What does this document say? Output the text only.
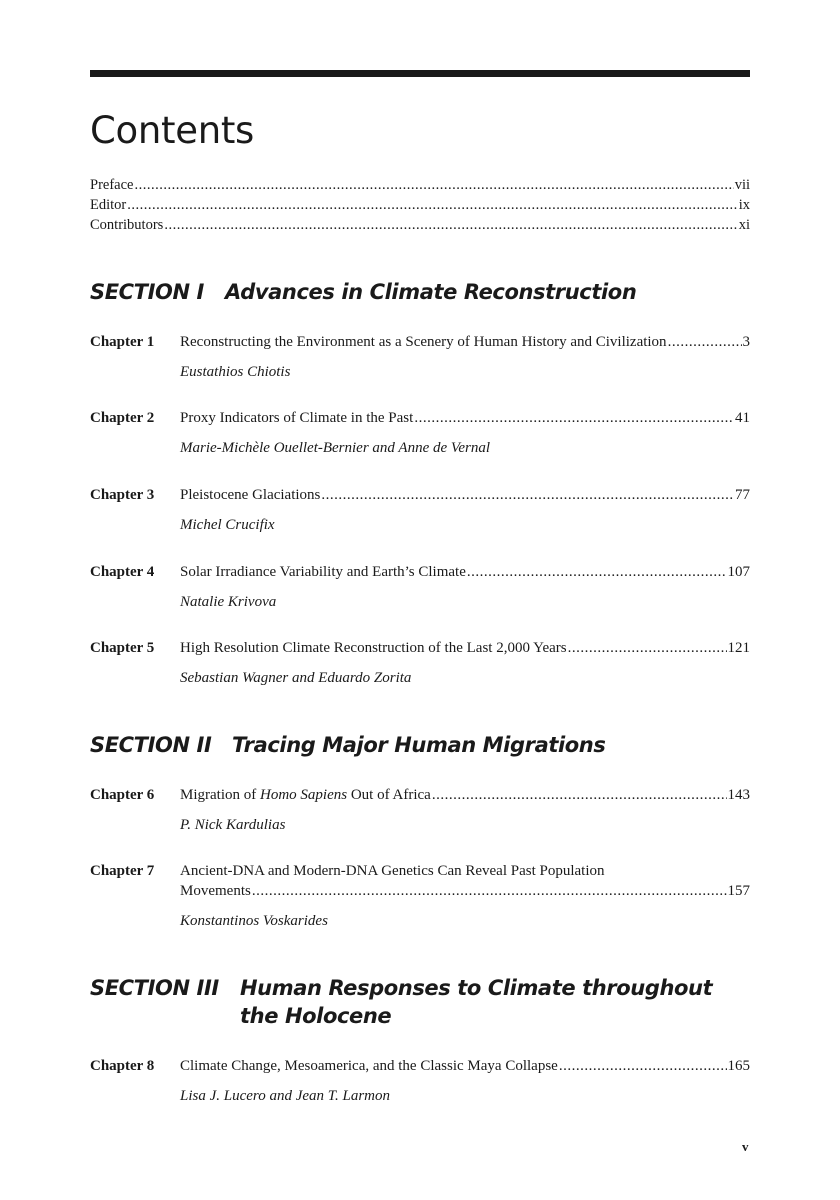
Contents
Preface .....	vii
Editor .....	ix
Contributors .....	xi
SECTION I	Advances in Climate Reconstruction
Chapter 1	Reconstructing the Environment as a Scenery of Human History and Civilization .....	3
Eustathios Chiotis
Chapter 2	Proxy Indicators of Climate in the Past .....	41
Marie-Michèle Ouellet-Bernier and Anne de Vernal
Chapter 3	Pleistocene Glaciations .....	77
Michel Crucifix
Chapter 4	Solar Irradiance Variability and Earth’s Climate .....	107
Natalie Krivova
Chapter 5	High Resolution Climate Reconstruction of the Last 2,000 Years .....	121
Sebastian Wagner and Eduardo Zorita
SECTION II Tracing Major Human Migrations
Chapter 6	Migration of Homo Sapiens Out of Africa .....	143
P. Nick Kardulias
Chapter 7	Ancient-DNA and Modern-DNA Genetics Can Reveal Past Population
Movements .....	157
Konstantinos Voskarides
SECTION III	Human Responses to Climate throughout
the Holocene
Chapter 8	Climate Change, Mesoamerica, and the Classic Maya Collapse .....	165
Lisa J. Lucero and Jean T. Larmon
v
